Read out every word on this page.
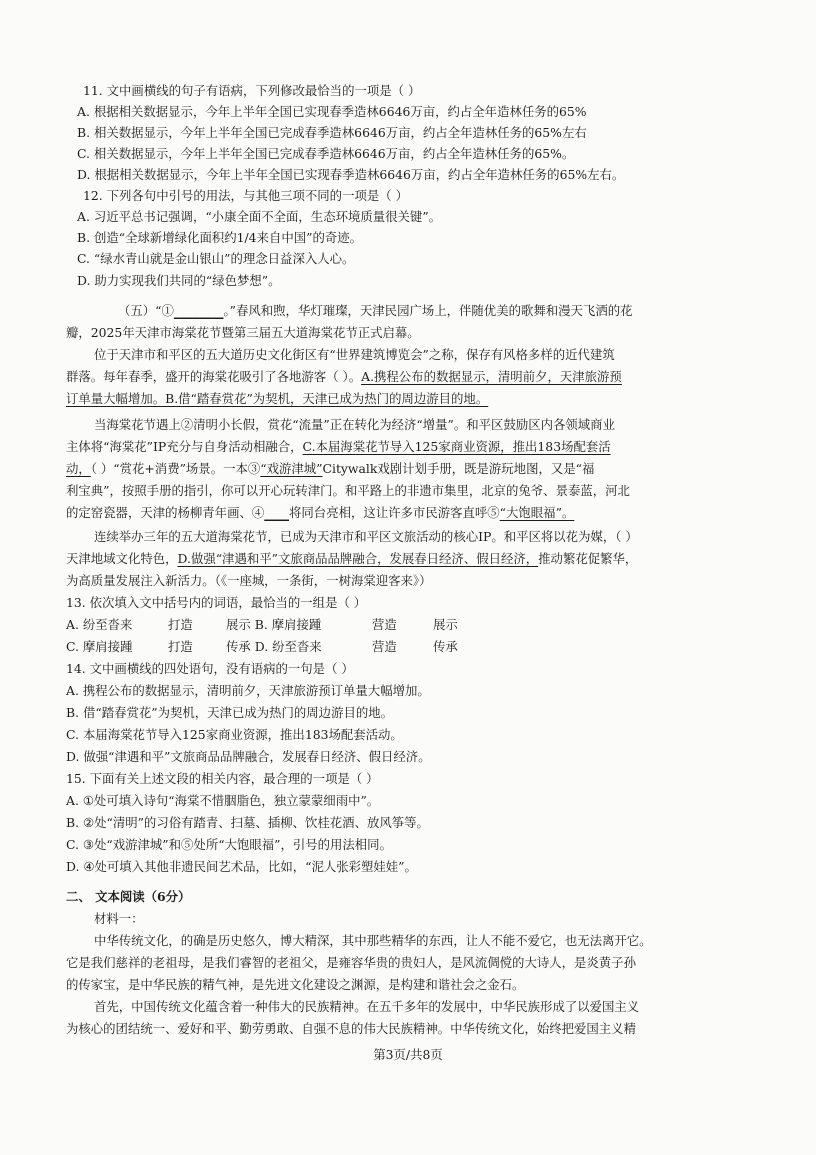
11. 文中画横线的句子有语病，下列修改最恰当的一项是（ ）
A. 根据相关数据显示，今年上半年全国已实现春季造林6646万亩，约占全年造林任务的65%
B. 相关数据显示，今年上半年全国已完成春季造林6646万亩，约占全年造林任务的65%左右
C. 相关数据显示，今年上半年全国已完成春季造林6646万亩，约占全年造林任务的65%。
D. 根据相关数据显示，今年上半年全国已实现春季造林6646万亩，约占全年造林任务的65%左右。
12. 下列各句中引号的用法，与其他三项不同的一项是（ ）
A. 习近平总书记强调，“小康全面不全面，生态环境质量很关键”。
B. 创造“全球新增绿化面积约1/4来自中国”的奇迹。
C. “绿水青山就是金山银山”的理念日益深入人心。
D. 助力实现我们共同的“绿色梦想”。
（五）“①________。”春风和煦，华灯璀璨，天津民园广场上，伴随优美的歌舞和漫天飞洒的花
瓣，2025年天津市海棠花节暨第三届五大道海棠花节正式启幕。
位于天津市和平区的五大道历史文化街区有“世界建筑博览会”之称，保存有风格多样的近代建筑
群落。每年春季，盛开的海棠花吸引了各地游客（ ）。A.携程公布的数据显示，清明前夕，天津旅游预
订单量大幅增加。B.借“踏春赏花”为契机，天津已成为热门的周边游目的地。
当海棠花节遇上②清明小长假，赏花“流量”正在转化为经济“增量”。和平区鼓励区内各领域商业
主体将“海棠花”IP充分与自身活动相融合，C.本届海棠花节导入125家商业资源，推出183场配套活
动，（ ）“赏花+消费”场景。一本③“戏游津城”Citywalk戏剧计划手册，既是游玩地图，又是“福
利宝典”，按照手册的指引，你可以开心玩转津门。和平路上的非遗市集里，北京的兔爷、景泰蓝，河北
的定窑瓷器，天津的杨柳青年画、④____将同台亮相，这让许多市民游客直呼⑤“大饱眼福”。
连续举办三年的五大道海棠花节，已成为天津市和平区文旅活动的核心IP。和平区将以花为媒，（ ）
天津地域文化特色，D.做强“津遇和平”文旅商品品牌融合，发展春日经济、假日经济，推动繁花促繁华，
为高质量发展注入新活力。（《一座城，一条街，一树海棠迎客来》）
13. 依次填入文中括号内的词语，最恰当的一组是（ ）
A. 纷至沓来	打造	展示 B. 摩肩接踵	营造	展示
C. 摩肩接踵	打造	传承 D. 纷至沓来	营造	传承
14. 文中画横线的四处语句，没有语病的一句是（ ）
A. 携程公布的数据显示，清明前夕，天津旅游预订单量大幅增加。
B. 借“踏春赏花”为契机，天津已成为热门的周边游目的地。
C. 本届海棠花节导入125家商业资源，推出183场配套活动。
D. 做强“津遇和平”文旅商品品牌融合，发展春日经济、假日经济。
15. 下面有关上述文段的相关内容，最合理的一项是（ ）
A. ①处可填入诗句“海棠不惜胭脂色，独立蒙蒙细雨中”。
B. ②处“清明”的习俗有踏青、扫墓、插柳、饮桂花酒、放风筝等。
C. ③处“戏游津城”和⑤处所“大饱眼福”，引号的用法相同。
D. ④处可填入其他非遗民间艺术品，比如，“泥人张彩塑娃娃”。
二、 文本阅读（6分）
材料一：
中华传统文化，的确是历史悠久，博大精深，其中那些精华的东西，让人不能不爱它，也无法离开它。
它是我们慈祥的老祖母，是我们睿智的老祖父，是雍容华贵的贵妇人，是风流倜傥的大诗人，是炎黄子孙
的传家宝，是中华民族的精气神，是先进文化建设之渊源，是构建和谐社会之金石。
首先，中国传统文化蕴含着一种伟大的民族精神。在五千多年的发展中，中华民族形成了以爱国主义
为核心的团结统一、爱好和平、勤劳勇敢、自强不息的伟大民族精神。中华传统文化，始终把爱国主义精
第3页/共8页
